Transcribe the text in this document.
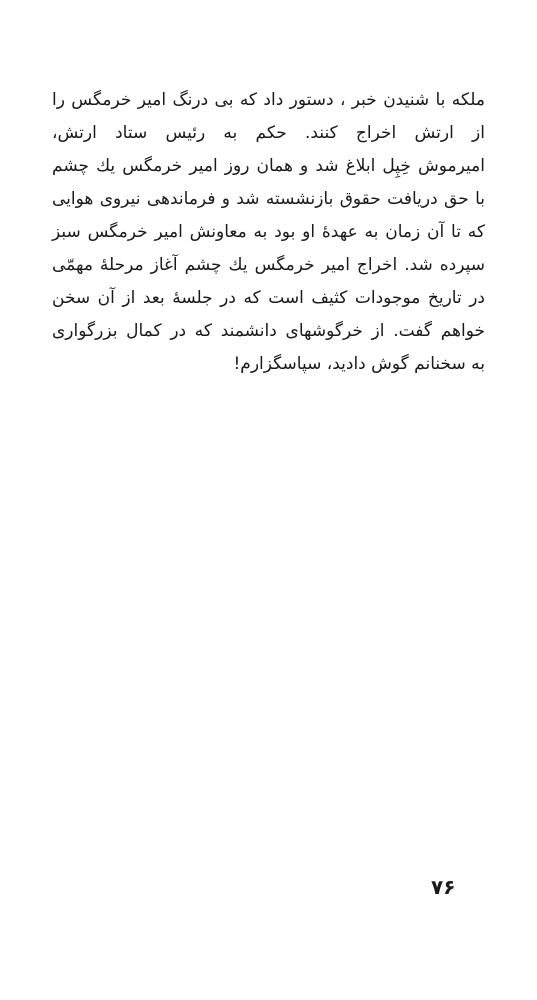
ملکه با شنیدن خبر ، دستور داد که بی درنگ امیر خرمگس را
از ارتش اخراج کنند. حکم به رئیس ستاد ارتش،
امیرموش خِپِل ابلاغ شد و همان روز امیر خرمگس یك چشم
با حق دریافت حقوق بازنشسته شد و فرماندهی نیروی هوایی
که تا آن زمان به عهدهٔ او بود به معاونش امیر خرمگس سبز
سپرده شد. اخراج امیر خرمگس یك چشم آغاز مرحلهٔ مهمّی
در تاریخ موجودات کثیف است که در جلسهٔ بعد از آن سخن
خواهم گفت. از خرگوشهای دانشمند که در کمال بزرگواری
به سخنانم گوش دادید، سپاسگزارم!
۷۶
